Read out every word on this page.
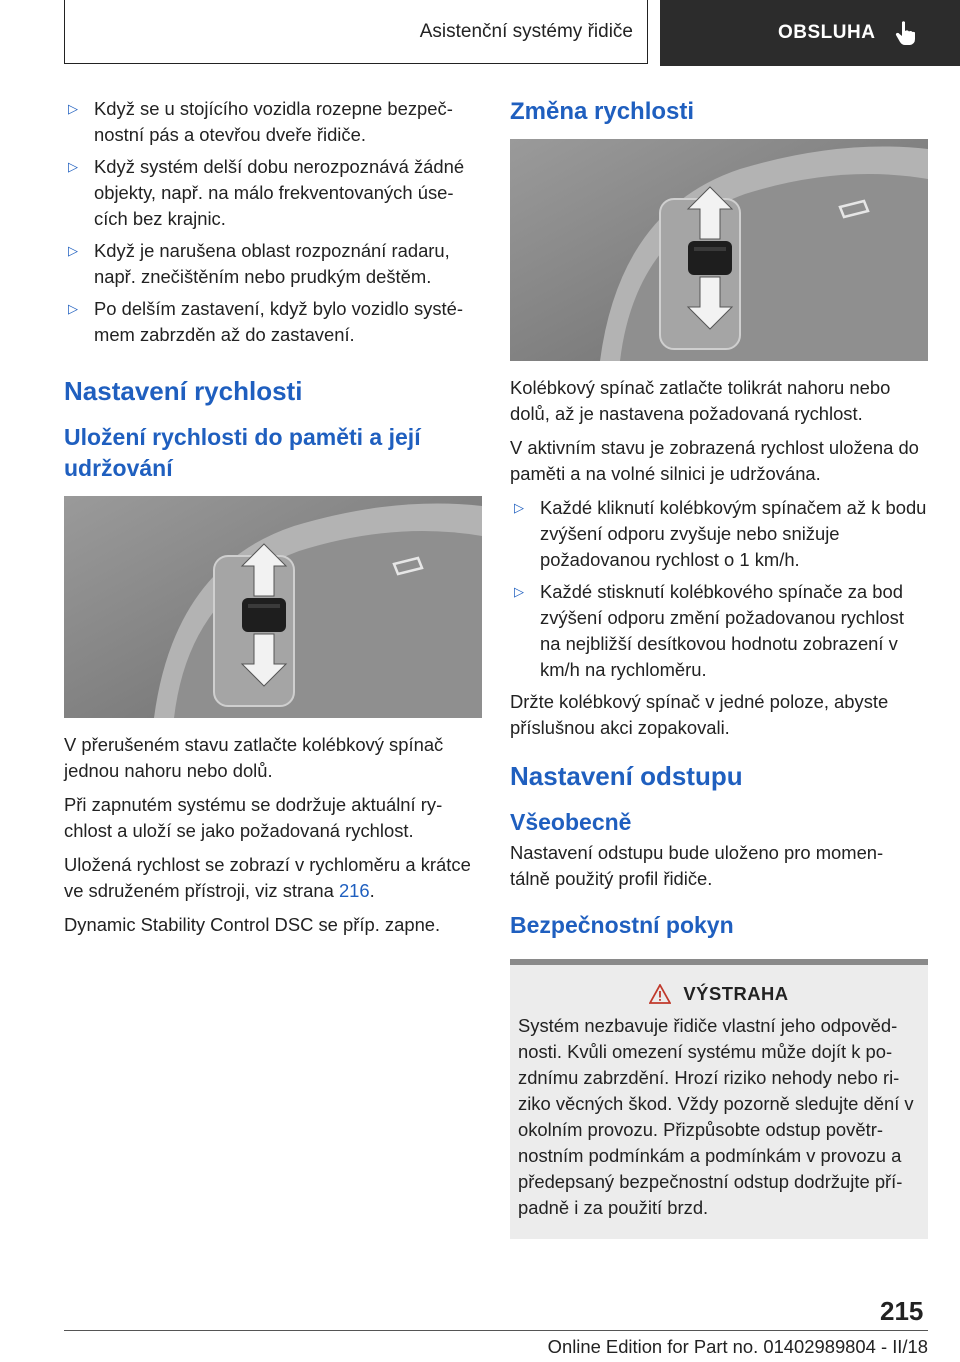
Asistenční systémy řidiče	OBSLUHA
▷ Když se u stojícího vozidla rozepne bezpeč‐ nostní pás a otevřou dveře řidiče.
▷ Když systém delší dobu nerozpoznává žádné objekty, např. na málo frekventovaných úse‐ cích bez krajnic.
▷ Když je narušena oblast rozpoznání radaru, např. znečištěním nebo prudkým deštěm.
▷ Po delším zastavení, když bylo vozidlo systé‐ mem zabrzděn až do zastavení.
Nastavení rychlosti
Uložení rychlosti do paměti a její udržování

V přerušeném stavu zatlačte kolébkový spínač jednou nahoru nebo dolů.

Při zapnutém systému se dodržuje aktuální ry‐ chlost a uloží se jako požadovaná rychlost.

Uložená rychlost se zobrazí v rychloměru a krátce ve sdruženém přístroji, viz strana 216.

Dynamic Stability Control DSC se příp. zapne.

Změna rychlosti

Kolébkový spínač zatlačte tolikrát nahoru nebo dolů, až je nastavena požadovaná rychlost.

V aktivním stavu je zobrazená rychlost uložena do paměti a na volné silnici je udržována.

▷ Každé kliknutí kolébkovým spínačem až k bodu zvýšení odporu zvyšuje nebo snižuje požadovanou rychlost o 1 km/h.
▷ Každé stisknutí kolébkového spínače za bod zvýšení odporu změní požadovanou rychlost na nejbližší desítkovou hodnotu zobrazení v km/h na rychloměru.

Držte kolébkový spínač v jedné poloze, abyste příslušnou akci zopakovali.

Nastavení odstupu
Všeobecně

Nastavení odstupu bude uloženo pro momen‐ tálně použitý profil řidiče.

Bezpečnostní pokyn
VÝSTRAHA

Systém nezbavuje řidiče vlastní jeho odpověd‐ nosti. Kvůli omezení systému může dojít k po‐ zdnímu zabrzdění. Hrozí riziko nehody nebo ri‐ ziko věcných škod. Vždy pozorně sledujte dění v okolním provozu. Přizpůsobte odstup povětr‐ nostním podmínkám a podmínkám v provozu a předepsaný bezpečnostní odstup dodržujte pří‐ padně i za použití brzd.

215
Online Edition for Part no. 01402989804 - II/18
